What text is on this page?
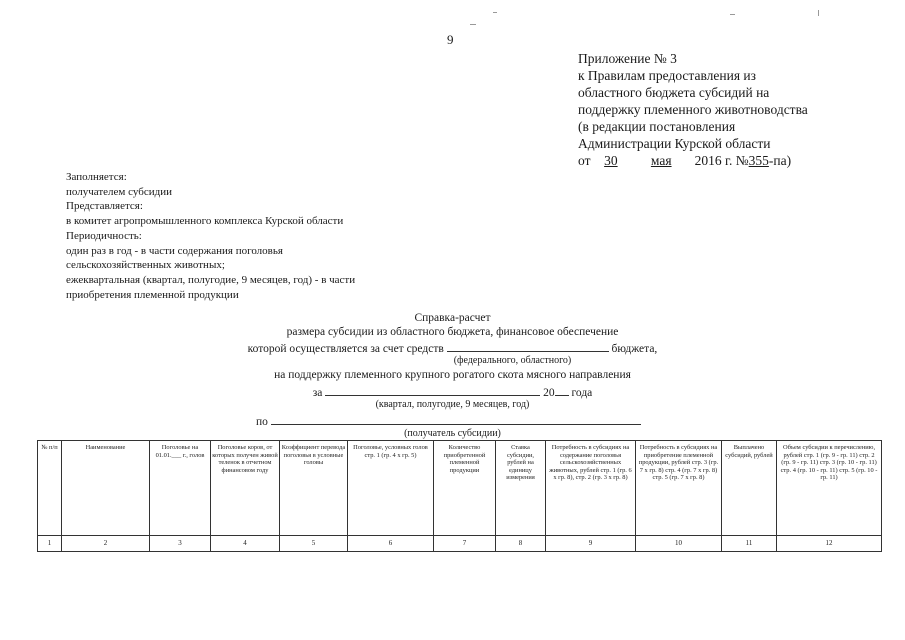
9
Приложение № 3
к Правилам предоставления из
областного бюджета субсидий на
поддержку племенного животноводства
(в редакции постановления
Администрации Курской области
от 30 мая 2016 г. №355-па)
Заполняется:
получателем субсидии
Представляется:
в комитет агропромышленного комплекса Курской области
Периодичность:
один раз в год - в части содержания поголовья
сельскохозяйственных животных;
ежеквартальная (квартал, полугодие, 9 месяцев, год) - в части
приобретения племенной продукции
Справка-расчет
размера субсидии из областного бюджета, финансовое обеспечение
которой осуществляется за счет средств	бюджета,
(федерального, областного)
на поддержку племенного крупного рогатого скота мясного направления
за	20 года
(квартал, полугодие, 9 месяцев, год)
по
(получатель субсидии)
№ п/п	Наименование	Поголовье на 01.01.___ г., голов	Поголовье коров, от которых получен живой теленок в отчетном финансовом году	Коэффициент перевода поголовья в условные головы	Поголовье, условных голов стр. 1 (гр. 4 х гр. 5)	Количество приобретенной племенной продукции	Ставка субсидии, рублей на единицу измерения	Потребность в субсидиях на содержание поголовья сельскохозяйственных животных, рублей стр. 1 (гр. 6 х гр. 8), стр. 2 (гр. 3 х гр. 8)	Потребность в субсидиях на приобретение племенной продукции, рублей стр. 3 (гр. 7 х гр. 8) стр. 4 (гр. 7 х гр. 8) стр. 5 (гр. 7 х гр. 8)	Выплачено субсидий, рублей	Объем субсидии к перечислению, рублей стр. 1 (гр. 9 - гр. 11) стр. 2 (гр. 9 - гр. 11) стр. 3 (гр. 10 - гр. 11) стр. 4 (гр. 10 - гр. 11) стр. 5 (гр. 10 - гр. 11)
1	2	3	4	5	6	7	8	9	10	11	12
